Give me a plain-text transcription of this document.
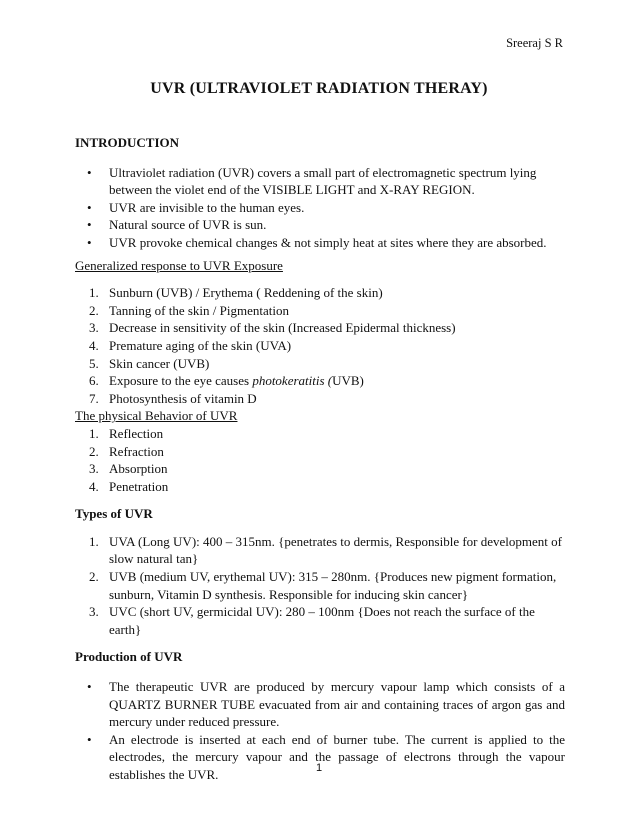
Sreeraj S R
UVR (ULTRAVIOLET RADIATION THERAY)

INTRODUCTION

• Ultraviolet radiation (UVR) covers a small part of electromagnetic spectrum lying between the violet end of the VISIBLE LIGHT and X-RAY REGION.
• UVR are invisible to the human eyes.
• Natural source of UVR is sun.
• UVR provoke chemical changes & not simply heat at sites where they are absorbed.

Generalized response to UVR Exposure

1. Sunburn (UVB) / Erythema ( Reddening of the skin)
2. Tanning of the skin / Pigmentation
3. Decrease in sensitivity of the skin (Increased Epidermal thickness)
4. Premature aging of the skin (UVA)
5. Skin cancer (UVB)
6. Exposure to the eye causes photokeratitis (UVB)
7. Photosynthesis of vitamin D

The physical Behavior of UVR

1. Reflection
2. Refraction
3. Absorption
4. Penetration

Types of UVR

1. UVA (Long UV): 400 – 315nm. {penetrates to dermis, Responsible for development of slow natural tan}
2. UVB (medium UV, erythemal UV): 315 – 280nm. {Produces new pigment formation, sunburn, Vitamin D synthesis. Responsible for inducing skin cancer}
3. UVC (short UV, germicidal UV): 280 – 100nm {Does not reach the surface of the earth}

Production of UVR

• The therapeutic UVR are produced by mercury vapour lamp which consists of a QUARTZ BURNER TUBE evacuated from air and containing traces of argon gas and mercury under reduced pressure.
• An electrode is inserted at each end of burner tube. The current is applied to the electrodes, the mercury vapour and the passage of electrons through the vapour establishes the UVR.	1
